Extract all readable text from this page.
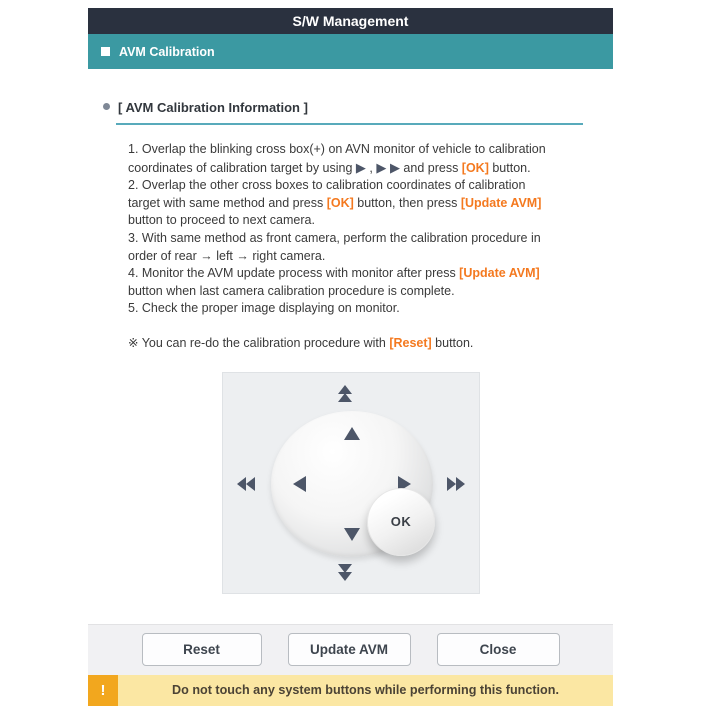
S/W Management
AVM Calibration
[ AVM Calibration Information ]
1. Overlap the blinking cross box(+) on AVN monitor of vehicle to calibration
coordinates of calibration target by using ▶ , ▶ ▶ and press [OK] button.
2. Overlap the other cross boxes to calibration coordinates of calibration
target with same method and press [OK] button, then press [Update AVM]
button to proceed to next camera.
3. With same method as front camera, perform the calibration procedure in
order of rear → left → right camera.
4. Monitor the AVM update process with monitor after press [Update AVM]
button when last camera calibration procedure is complete.
5. Check the proper image displaying on monitor.
※ You can re-do the calibration procedure with [Reset] button.
OK
Reset	Update AVM	Close
!	Do not touch any system buttons while performing this function.
